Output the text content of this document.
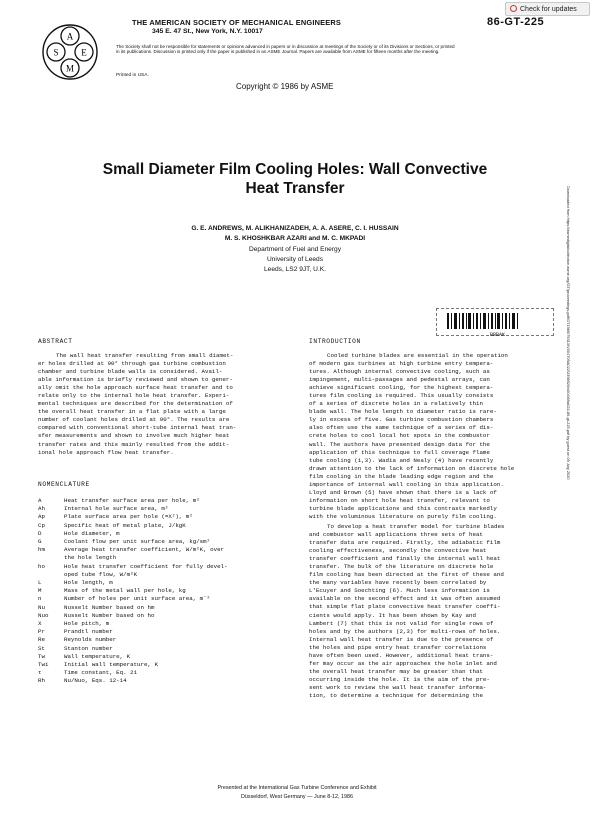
Check for updates
A
S
M
E
THE AMERICAN SOCIETY OF MECHANICAL ENGINEERS
345 E. 47 St., New York, N.Y. 10017
The Society shall not be responsible for statements or opinions advanced in papers or in discussion at meetings of the Society or of its Divisions or Sections, or printed in its publications. Discussion is printed only if the paper is published in an ASME Journal. Papers are available from ASME for fifteen months after the meeting.
Printed in USA.
Copyright © 1986 by ASME
86-GT-225
Small Diameter Film Cooling Holes: Wall Convective
Heat Transfer
G. E. ANDREWS, M. ALIKHANIZADEH, A. A. ASERE, C. I. HUSSAIN
M. S. KHOSHKBAR AZARI and M. C. MKPADI
Department of Fuel and Energy
University of Leeds
Leeds, LS2 9JT, U.K.
BBBAK	Downloaded from https://asmedigitalcollection.asme.org/GT/proceedings-pdf/GT1986/79313/V004T09A022/2396920/v004t09a022-86-gt-225.pdf by guest on 09 July 2020
ABSTRACT
The wall heat transfer resulting from small diamet-
er holes drilled at 90° through gas turbine combustion
chamber and turbine blade walls is considered. Avail-
able information is briefly reviewed and shown to gener-
ally omit the hole approach surface heat transfer and to
relate only to the internal hole heat transfer. Experi-
mental techniques are described for the determination of
the overall heat transfer in a flat plate with a large
number of coolant holes drilled at 90°. The results are
compared with conventional short-tube internal heat tran-
sfer measurements and shown to involve much higher heat
transfer rates and this mainly resulted from the addit-
ional hole approach flow heat transfer.
NOMENCLATURE
A	Heat transfer surface area per hole, m²
Ah	Internal hole surface area, m²
Ap	Plate surface area per hole (=X²), m²
Cp	Specific heat of metal plate, J/kgK
D	Hole diameter, m
G	Coolant flow per unit surface area, kg/sm²
hm	Average heat transfer coefficient, W/m²K, over
the hole length
ho	Hole heat transfer coefficient for fully devel-
oped tube flow, W/m²K
L	Hole length, m
M	Mass of the metal wall per hole, kg
n	Number of holes per unit surface area, m⁻²
Nu	Nusselt Number based on hm
Nuo	Nusselt Number based on ho
X	Hole pitch, m
Pr	Prandtl number
Re	Reynolds number
St	Stanton number
Tw	Wall temperature, K
Twi	Initial wall temperature, K
τ	Time constant, Eq. 21
Rh	Nu/Nuo, Eqs. 12-14
INTRODUCTION
Cooled turbine blades are essential in the operation
of modern gas turbines at high turbine entry tempera-
tures. Although internal convective cooling, such as
impingement, multi-passages and pedestal arrays, can
achieve significant cooling, for the highest tempera-
tures film cooling is required. This usually consists
of a series of discrete holes in a relatively thin
blade wall. The hole length to diameter ratio is rare-
ly in excess of five. Gas turbine combustion chambers
also often use the same technique of a series of dis-
crete holes to cool local hot spots in the combustor
wall. The authors have presented design data for the
application of this technique to full coverage flame
tube cooling (1,3). Wadia and Nealy (4) have recently
drawn attention to the lack of information on discrete hole
film cooling in the blade leading edge region and the
importance of internal wall cooling in this application.
Lloyd and Brown (5) have shown that there is a lack of
information on short hole heat transfer, relevant to
turbine blade applications and this contrasts markedly
with the voluminous literature on purely film cooling.
To develop a heat transfer model for turbine blades
and combustor wall applications three sets of heat
transfer data are required. Firstly, the adiabatic film
cooling effectiveness, secondly the convective heat
transfer coefficient and finally the internal wall heat
transfer. The bulk of the literature on discrete hole
film cooling has been directed at the first of these and
the many variables have recently been correlated by
L'Ecuyer and Soechting (6). Much less information is
available on the second effect and it was often assumed
that simple flat plate convective heat transfer coeffi-
cients would apply. It has been shown by Kay and
Lambert (7) that this is not valid for single rows of
holes and by the authors (2,3) for multi-rows of holes.
Internal wall heat transfer is due to the presence of
the holes and pipe entry heat transfer correlations
have often been used. However, additional heat trans-
fer may occur as the air approaches the hole inlet and
the overall heat transfer may be greater than that
occurring inside the hole. It is the aim of the pre-
sent work to review the wall heat transfer informa-
tion, to determine a technique for determining the
Presented at the International Gas Turbine Conference and Exhibit
Düsseldorf, West Germany — June 8-12, 1986
